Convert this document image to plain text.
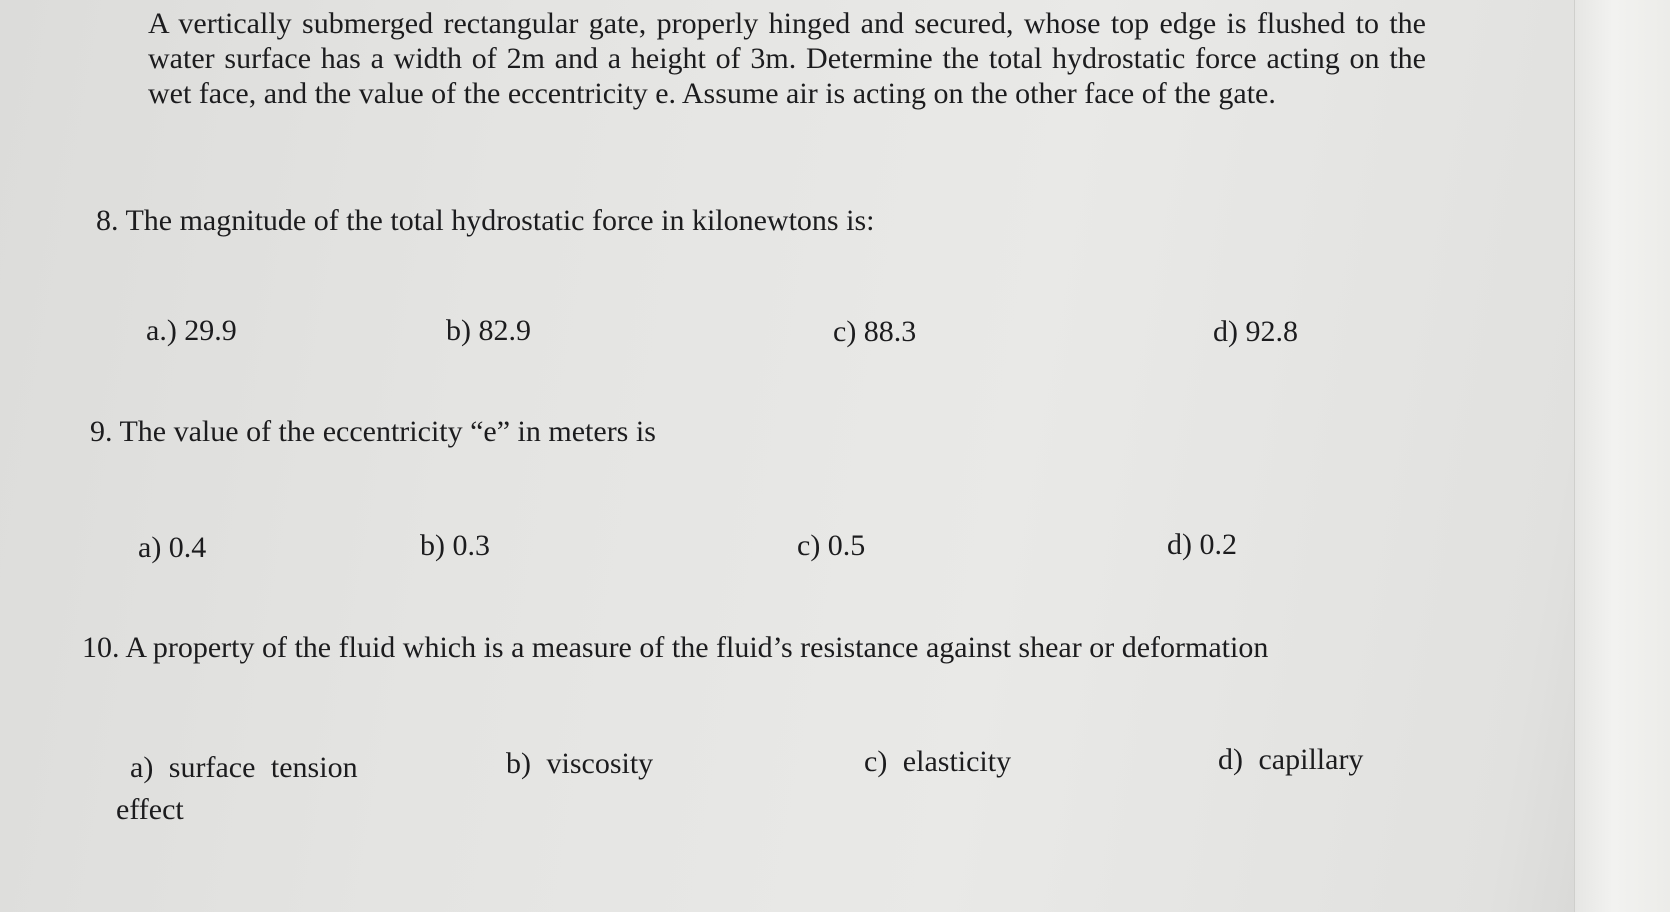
A vertically submerged rectangular gate, properly hinged and secured, whose top edge is flushed to the water surface has a width of 2m and a height of 3m. Determine the total hydrostatic force acting on the wet face, and the value of the eccentricity e. Assume air is acting on the other face of the gate.

8. The magnitude of the total hydrostatic force in kilonewtons is:

a.) 29.9	b) 82.9	c) 88.3	d) 92.8

9. The value of the eccentricity “e” in meters is

a) 0.4	b) 0.3	c) 0.5	d) 0.2

10. A property of the fluid which is a measure of the fluid’s resistance against shear or deformation

a) surface tension
effect
b) viscosity	c) elasticity	d) capillary
